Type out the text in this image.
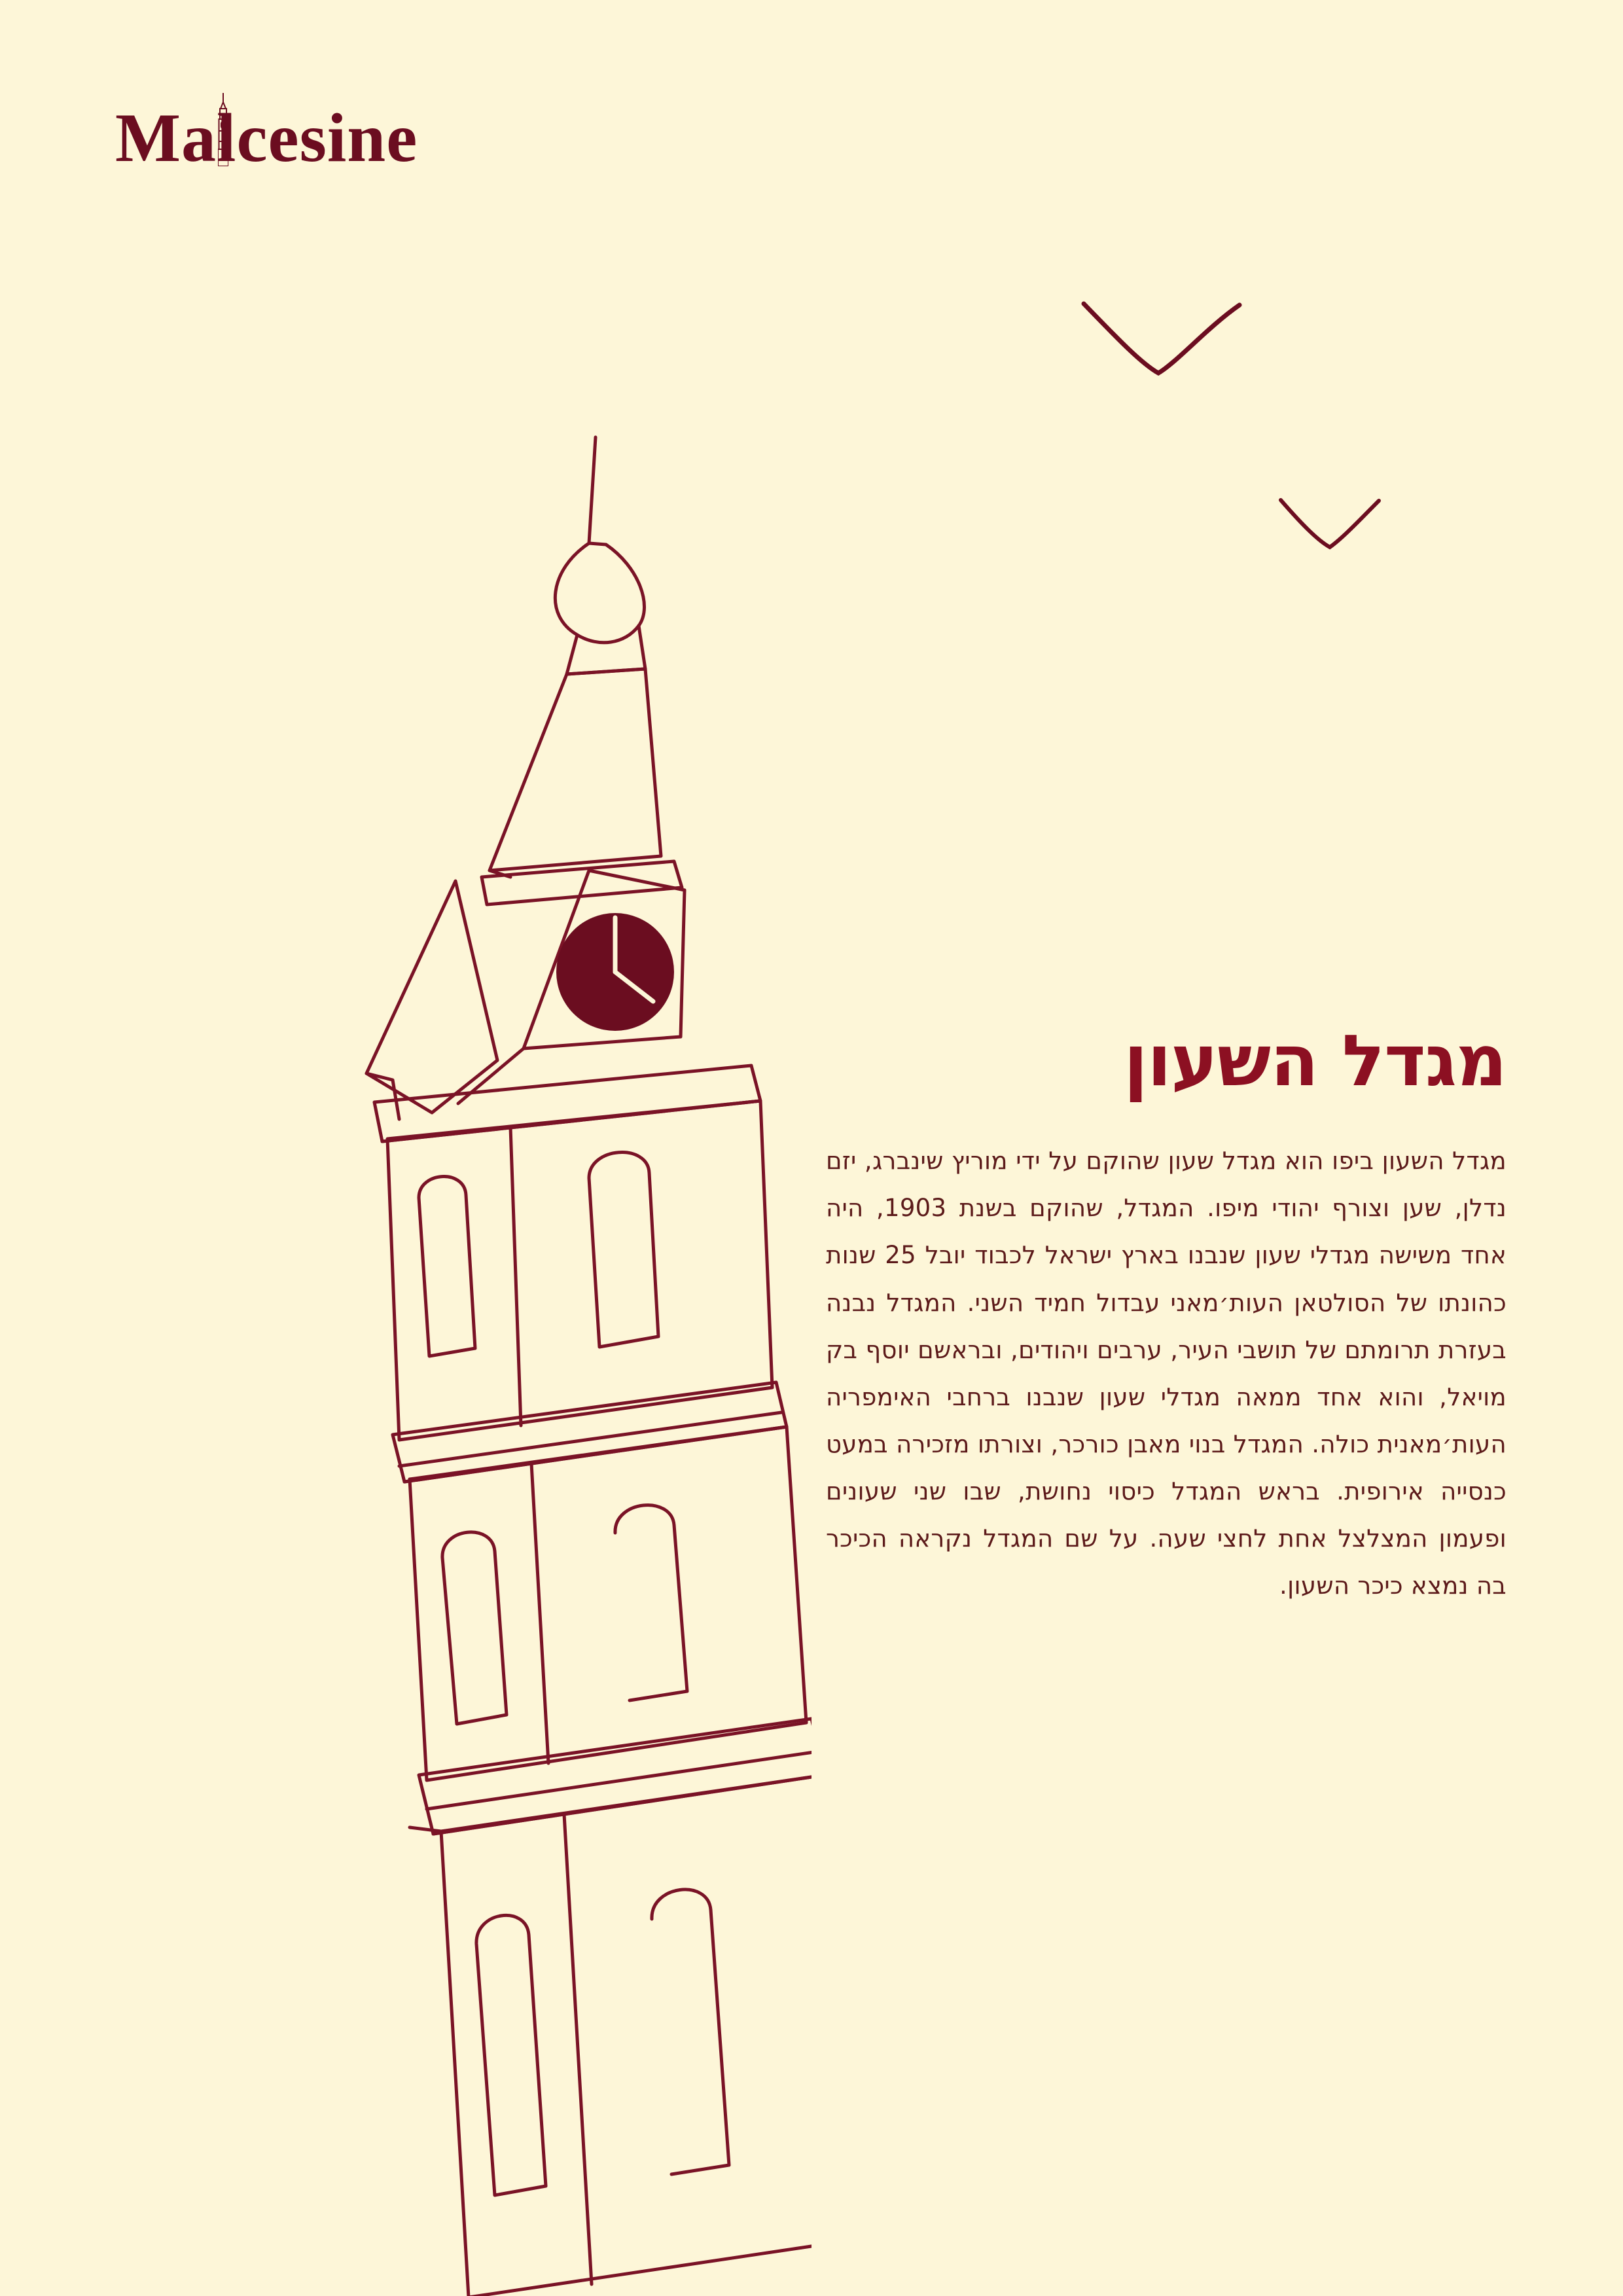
Malcesine
מגדל השעון

מגדל השעון ביפו הוא מגדל שעון שהוקם על ידי מוריץ שינברג, יזם נדלן, שען וצורף יהודי מיפו. המגדל, שהוקם בשנת 1903, היה אחד משישה מגדלי שעון שנבנו בארץ ישראל לכבוד יובל 25 שנות כהונתו של הסולטאן העות׳מאני עבדול חמיד השני. המגדל נבנה בעזרת תרומתם של תושבי העיר, ערבים ויהודים, ובראשם יוסף בק מויאל, והוא אחד ממאה מגדלי שעון שנבנו ברחבי האימפריה העות׳מאנית כולה. המגדל בנוי מאבן כורכר, וצורתו מזכירה במעט כנסייה אירופית. בראש המגדל כיסוי נחושת, שבו שני שעונים ופעמון המצלצל אחת לחצי שעה. על שם המגדל נקראה הכיכר בה נמצא כיכר השעון.
